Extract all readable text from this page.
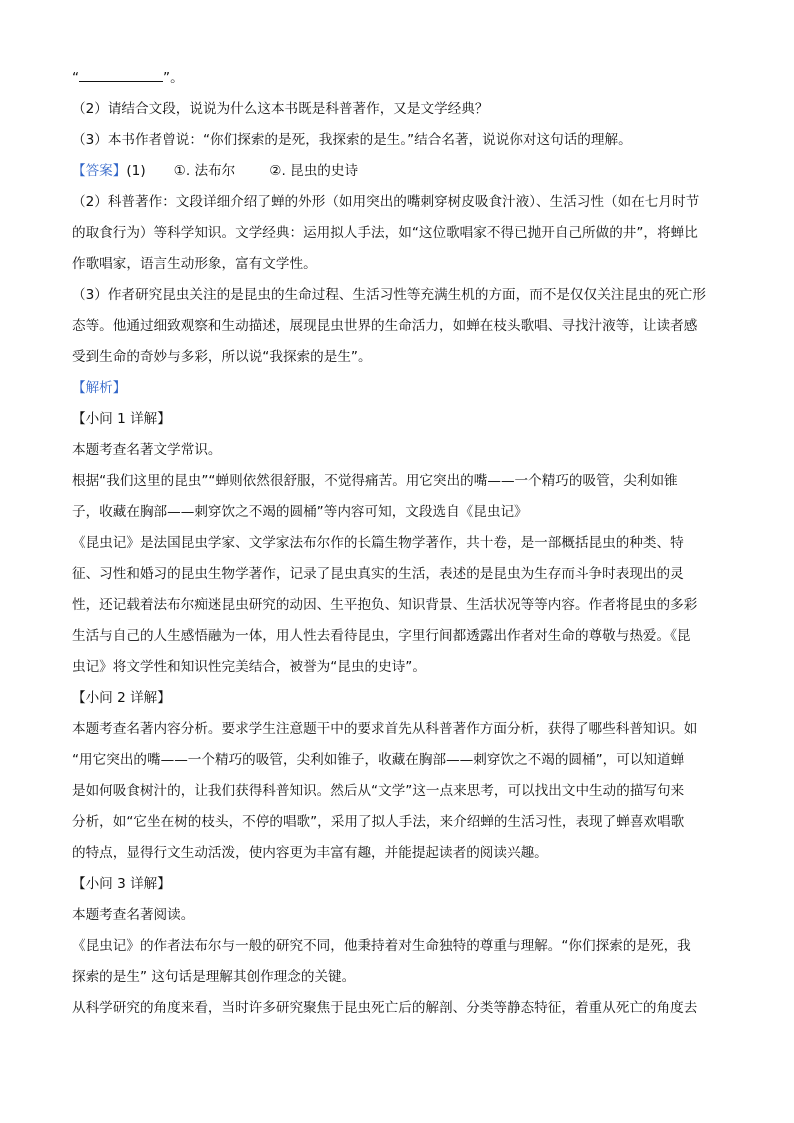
“	”。

（2）请结合文段，说说为什么这本书既是科普著作，又是文学经典？

（3）本书作者曾说：“你们探索的是死，我探索的是生。”结合名著，说说你对这句话的理解。

【答案】(1) ①. 法布尔	②. 昆虫的史诗

（2）科普著作：文段详细介绍了蝉的外形（如用突出的嘴刺穿树皮吸食汁液）、生活习性（如在七月时节

的取食行为）等科学知识。文学经典：运用拟人手法，如“这位歌唱家不得已抛开自己所做的井”，将蝉比

作歌唱家，语言生动形象，富有文学性。

（3）作者研究昆虫关注的是昆虫的生命过程、生活习性等充满生机的方面，而不是仅仅关注昆虫的死亡形

态等。他通过细致观察和生动描述，展现昆虫世界的生命活力，如蝉在枝头歌唱、寻找汁液等，让读者感

受到生命的奇妙与多彩，所以说“我探索的是生”。

【解析】

【小问 1 详解】

本题考查名著文学常识。

根据“我们这里的昆虫”“蝉则依然很舒服，不觉得痛苦。用它突出的嘴——一个精巧的吸管，尖利如锥

子，收藏在胸部——刺穿饮之不竭的圆桶”等内容可知，文段选自《昆虫记》

《昆虫记》是法国昆虫学家、文学家法布尔作的长篇生物学著作，共十卷，是一部概括昆虫的种类、特

征、习性和婚习的昆虫生物学著作，记录了昆虫真实的生活，表述的是昆虫为生存而斗争时表现出的灵

性，还记载着法布尔痴迷昆虫研究的动因、生平抱负、知识背景、生活状况等等内容。作者将昆虫的多彩

生活与自己的人生感悟融为一体，用人性去看待昆虫，字里行间都透露出作者对生命的尊敬与热爱。《昆

虫记》将文学性和知识性完美结合，被誉为“昆虫的史诗”。

【小问 2 详解】

本题考查名著内容分析。要求学生注意题干中的要求首先从科普著作方面分析，获得了哪些科普知识。如

“用它突出的嘴——一个精巧的吸管，尖利如锥子，收藏在胸部——刺穿饮之不竭的圆桶”，可以知道蝉

是如何吸食树汁的，让我们获得科普知识。然后从“文学”这一点来思考，可以找出文中生动的描写句来

分析，如“它坐在树的枝头，不停的唱歌”，采用了拟人手法，来介绍蝉的生活习性，表现了蝉喜欢唱歌

的特点，显得行文生动活泼，使内容更为丰富有趣，并能提起读者的阅读兴趣。

【小问 3 详解】

本题考查名著阅读。

《昆虫记》的作者法布尔与一般的研究不同，他秉持着对生命独特的尊重与理解。“你们探索的是死，我

探索的是生” 这句话是理解其创作理念的关键。

从科学研究的角度来看，当时许多研究聚焦于昆虫死亡后的解剖、分类等静态特征，着重从死亡的角度去
